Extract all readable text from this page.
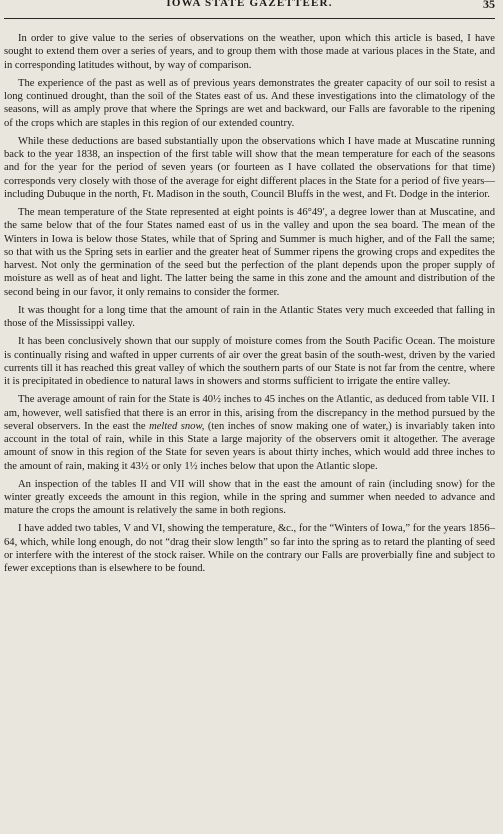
IOWA STATE GAZETTEER.	35

In order to give value to the series of observations on the weather, upon which this article is based, I have sought to extend them over a series of years, and to group them with those made at various places in the State, and in corresponding latitudes without, by way of comparison.

The experience of the past as well as of previous years demonstrates the greater capacity of our soil to resist a long continued drought, than the soil of the States east of us. And these investigations into the climatology of the seasons, will as amply prove that where the Springs are wet and backward, our Falls are favorable to the ripening of the crops which are staples in this region of our extended country.

While these deductions are based substantially upon the observations which I have made at Muscatine running back to the year 1838, an inspection of the first table will show that the mean temperature for each of the seasons and for the year for the period of seven years (or fourteen as I have collated the observations for that time) corresponds very closely with those of the average for eight different places in the State for a period of five years—including Dubuque in the north, Ft. Madison in the south, Council Bluffs in the west, and Ft. Dodge in the interior.

The mean temperature of the State represented at eight points is 46°49′, a degree lower than at Muscatine, and the same below that of the four States named east of us in the valley and upon the sea board. The mean of the Winters in Iowa is below those States, while that of Spring and Summer is much higher, and of the Fall the same; so that with us the Spring sets in earlier and the greater heat of Summer ripens the growing crops and expedites the harvest. Not only the germination of the seed but the perfection of the plant depends upon the proper supply of moisture as well as of heat and light. The latter being the same in this zone and the amount and distribution of the second being in our favor, it only remains to consider the former.

It was thought for a long time that the amount of rain in the Atlantic States very much exceeded that falling in those of the Mississippi valley.

It has been conclusively shown that our supply of moisture comes from the South Pacific Ocean. The moisture is continually rising and wafted in upper currents of air over the great basin of the south-west, driven by the varied currents till it has reached this great valley of which the southern parts of our State is not far from the centre, where it is precipitated in obedience to natural laws in showers and storms sufficient to irrigate the entire valley.

The average amount of rain for the State is 40½ inches to 45 inches on the Atlantic, as deduced from table VII. I am, however, well satisfied that there is an error in this, arising from the discrepancy in the method pursued by the several observers. In the east the melted snow, (ten inches of snow making one of water,) is invariably taken into account in the total of rain, while in this State a large majority of the observers omit it altogether. The average amount of snow in this region of the State for seven years is about thirty inches, which would add three inches to the amount of rain, making it 43½ or only 1½ inches below that upon the Atlantic slope.

An inspection of the tables II and VII will show that in the east the amount of rain (including snow) for the winter greatly exceeds the amount in this region, while in the spring and summer when needed to advance and mature the crops the amount is relatively the same in both regions.

I have added two tables, V and VI, showing the temperature, &c., for the “Winters of Iowa,” for the years 1856–64, which, while long enough, do not “drag their slow length” so far into the spring as to retard the planting of seed or interfere with the interest of the stock raiser. While on the contrary our Falls are proverbially fine and subject to fewer exceptions than is elsewhere to be found.
